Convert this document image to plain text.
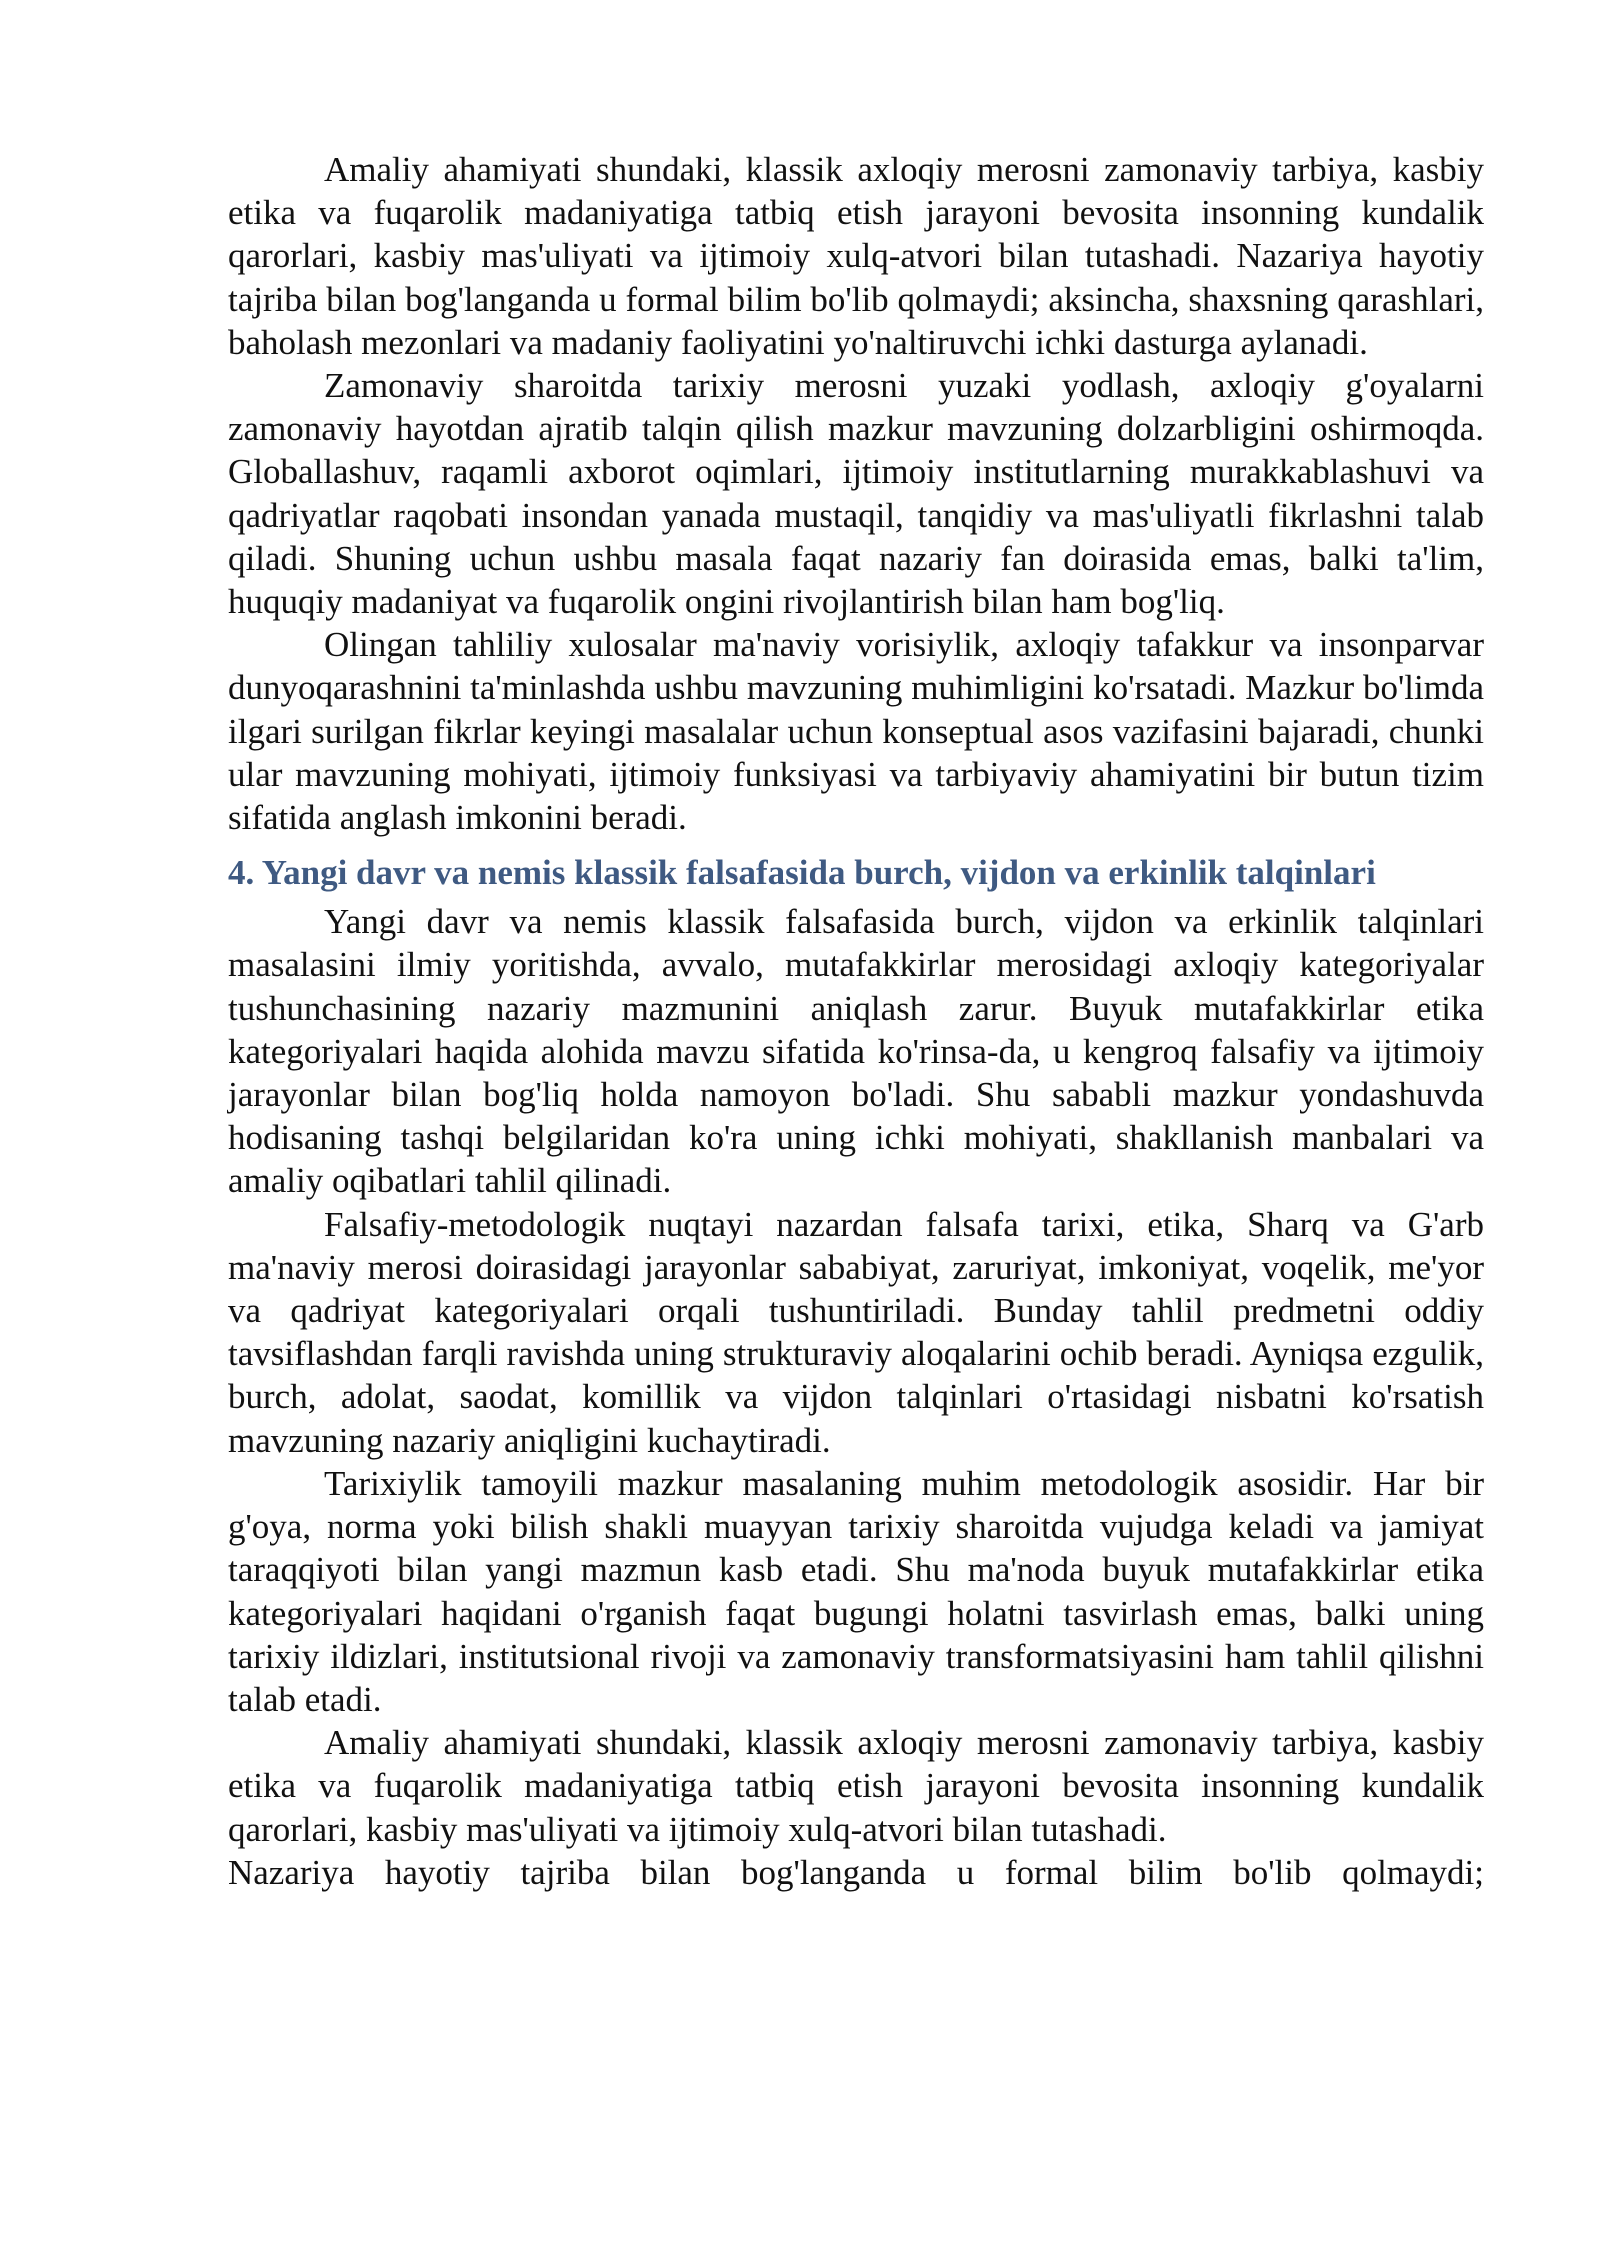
Amaliy ahamiyati shundaki, klassik axloqiy merosni zamonaviy tarbiya, kasbiy etika va fuqarolik madaniyatiga tatbiq etish jarayoni bevosita insonning kundalik qarorlari, kasbiy mas'uliyati va ijtimoiy xulq-atvori bilan tutashadi. Nazariya hayotiy tajriba bilan bog'langanda u formal bilim bo'lib qolmaydi; aksincha, shaxsning qarashlari, baholash mezonlari va madaniy faoliyatini yo'naltiruvchi ichki dasturga aylanadi.

Zamonaviy sharoitda tarixiy merosni yuzaki yodlash, axloqiy g'oyalarni zamonaviy hayotdan ajratib talqin qilish mazkur mavzuning dolzarbligini oshirmoqda. Globallashuv, raqamli axborot oqimlari, ijtimoiy institutlarning murakkablashuvi va qadriyatlar raqobati insondan yanada mustaqil, tanqidiy va mas'uliyatli fikrlashni talab qiladi. Shuning uchun ushbu masala faqat nazariy fan doirasida emas, balki ta'lim, huquqiy madaniyat va fuqarolik ongini rivojlantirish bilan ham bog'liq.

Olingan tahliliy xulosalar ma'naviy vorisiylik, axloqiy tafakkur va insonparvar dunyoqarashnini ta'minlashda ushbu mavzuning muhimligini ko'rsatadi. Mazkur bo'limda ilgari surilgan fikrlar keyingi masalalar uchun konseptual asos vazifasini bajaradi, chunki ular mavzuning mohiyati, ijtimoiy funksiyasi va tarbiyaviy ahamiyatini bir butun tizim sifatida anglash imkonini beradi.

4. Yangi davr va nemis klassik falsafasida burch, vijdon va erkinlik talqinlari

Yangi davr va nemis klassik falsafasida burch, vijdon va erkinlik talqinlari masalasini ilmiy yoritishda, avvalo, mutafakkirlar merosidagi axloqiy kategoriyalar tushunchasining nazariy mazmunini aniqlash zarur. Buyuk mutafakkirlar etika kategoriyalari haqida alohida mavzu sifatida ko'rinsa-da, u kengroq falsafiy va ijtimoiy jarayonlar bilan bog'liq holda namoyon bo'ladi. Shu sababli mazkur yondashuvda hodisaning tashqi belgilaridan ko'ra uning ichki mohiyati, shakllanish manbalari va amaliy oqibatlari tahlil qilinadi.

Falsafiy-metodologik nuqtayi nazardan falsafa tarixi, etika, Sharq va G'arb ma'naviy merosi doirasidagi jarayonlar sababiyat, zaruriyat, imkoniyat, voqelik, me'yor va qadriyat kategoriyalari orqali tushuntiriladi. Bunday tahlil predmetni oddiy tavsiflashdan farqli ravishda uning strukturaviy aloqalarini ochib beradi. Ayniqsa ezgulik, burch, adolat, saodat, komillik va vijdon talqinlari o'rtasidagi nisbatni ko'rsatish mavzuning nazariy aniqligini kuchaytiradi.

Tarixiylik tamoyili mazkur masalaning muhim metodologik asosidir. Har bir g'oya, norma yoki bilish shakli muayyan tarixiy sharoitda vujudga keladi va jamiyat taraqqiyoti bilan yangi mazmun kasb etadi. Shu ma'noda buyuk mutafakkirlar etika kategoriyalari haqidani o'rganish faqat bugungi holatni tasvirlash emas, balki uning tarixiy ildizlari, institutsional rivoji va zamonaviy transformatsiyasini ham tahlil qilishni talab etadi.

Amaliy ahamiyati shundaki, klassik axloqiy merosni zamonaviy tarbiya, kasbiy etika va fuqarolik madaniyatiga tatbiq etish jarayoni bevosita insonning kundalik qarorlari, kasbiy mas'uliyati va ijtimoiy xulq-atvori bilan tutashadi.

Nazariya hayotiy tajriba bilan bog'langanda u formal bilim bo'lib qolmaydi;
